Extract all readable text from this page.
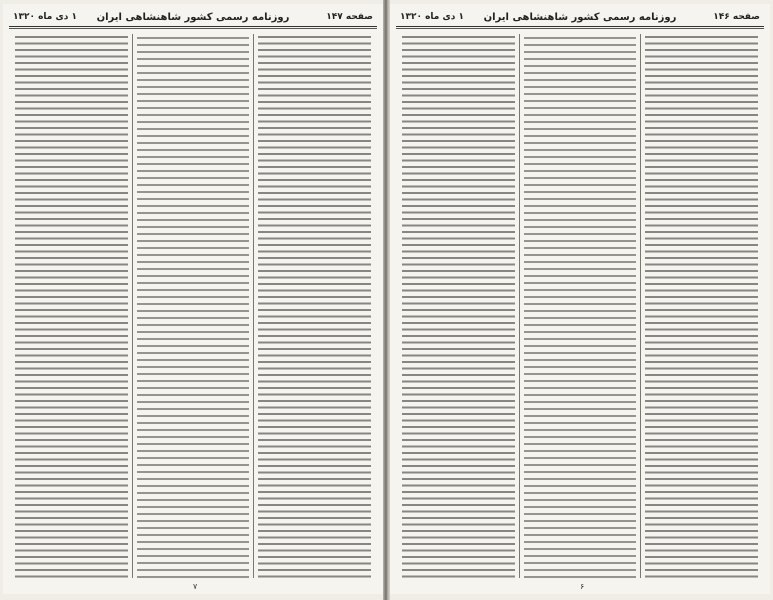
صفحه ۱۴۷
روزنامه رسمی کشور شاهنشاهی ایران
۱ دی ماه ۱۳۲۰
۷
صفحه ۱۴۶
روزنامه رسمی کشور شاهنشاهی ایران
۱ دی ماه ۱۳۲۰
۶
